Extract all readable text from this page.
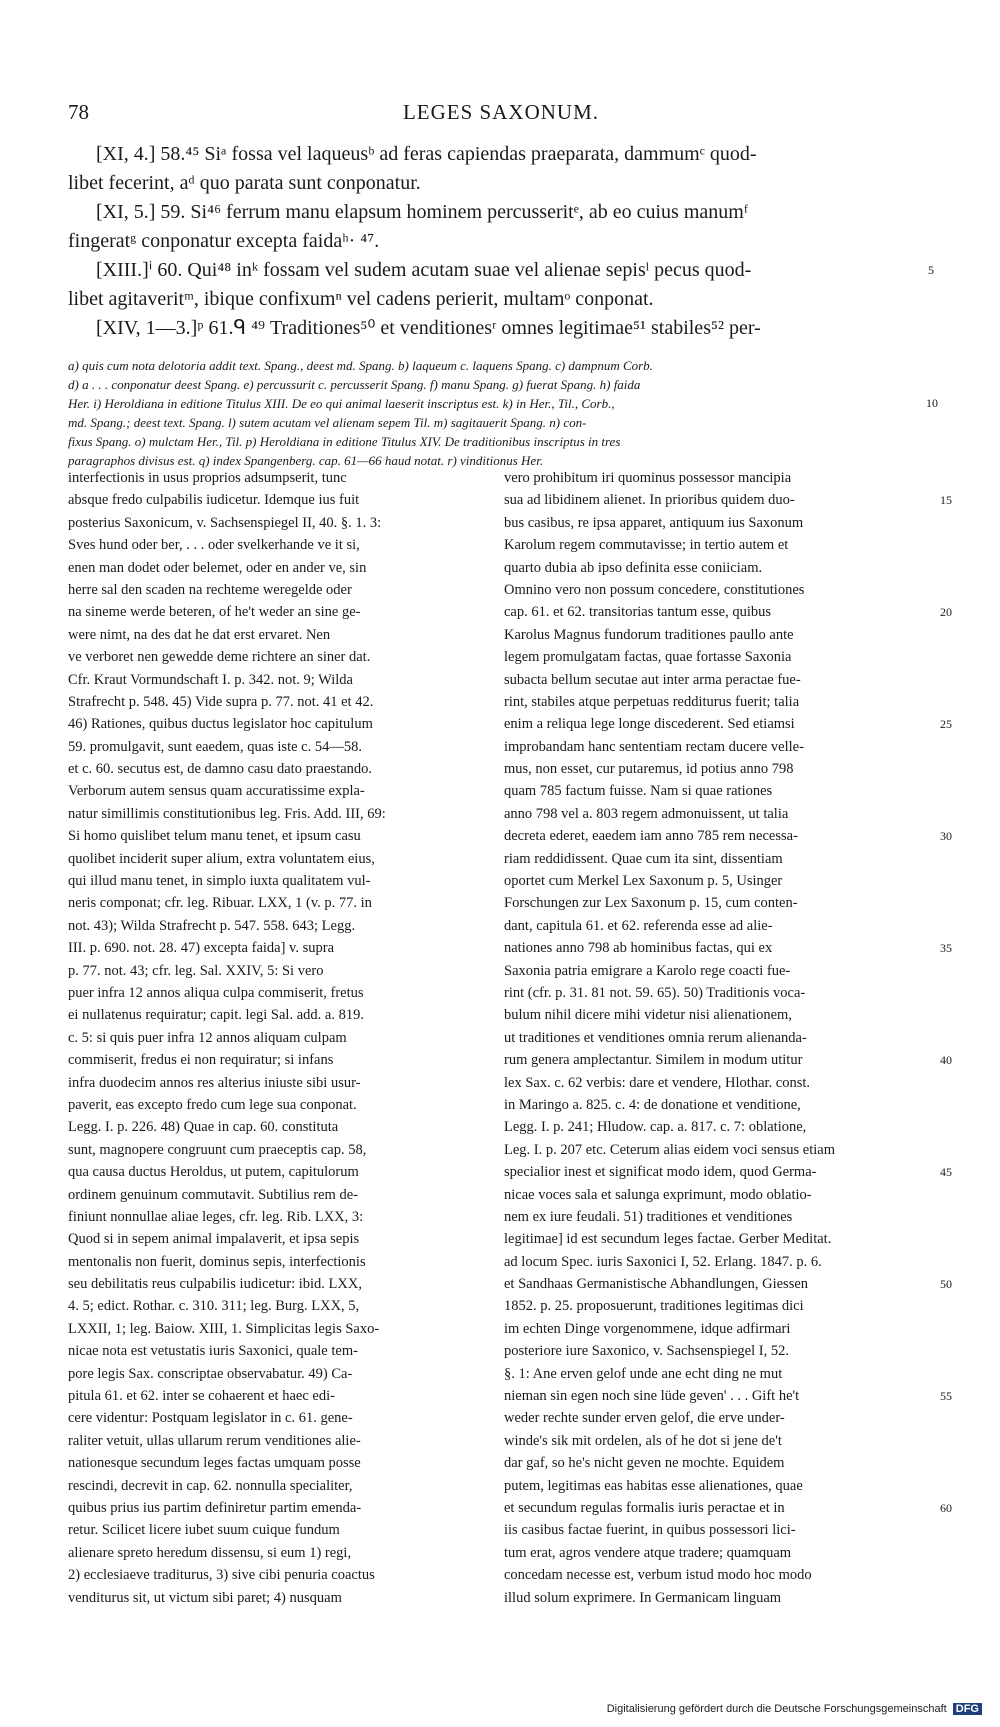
78	LEGES SAXONUM.
[XI, 4.] 58.⁴⁵ Siᵃ fossa vel laqueusᵇ ad feras capiendas praeparata, dammumᶜ quod-
libet fecerint, aᵈ quo parata sunt conponatur.
[XI, 5.] 59. Si⁴⁶ ferrum manu elapsum hominem percusseritᵉ, ab eo cuius manumᶠ
fingeratᵍ conponatur excepta faidaʰ· ⁴⁷.
[XIII.]ⁱ 60. Qui⁴⁸ inᵏ fossam vel sudem acutam suae vel alienae sepisˡ pecus quod-	5
libet agitaveritᵐ, ibique confixumⁿ vel cadens perierit, multamᵒ conponat.
[XIV, 1—3.]ᵖ 61.ᑫ ⁴⁹ Traditiones⁵⁰ et venditionesʳ omnes legitimae⁵¹ stabiles⁵² per-
a) quis cum nota delotoria addit text. Spang., deest md. Spang. b) laqueum c. laquens Spang. c) dampnum Corb.
d) a . . . conponatur deest Spang. e) percussurit c. percusserit Spang. f) manu Spang. g) fuerat Spang. h) faida
Her. i) Heroldiana in editione Titulus XIII. De eo qui animal laeserit inscriptus est. k) in Her., Til., Corb.,	10
md. Spang.; deest text. Spang. l) sutem acutam vel alienam sepem Til. m) sagitauerit Spang. n) con-
fixus Spang. o) mulctam Her., Til. p) Heroldiana in editione Titulus XIV. De traditionibus inscriptus in tres
paragraphos divisus est. q) index Spangenberg. cap. 61—66 haud notat. r) vinditionus Her.
interfectionis in usus proprios adsumpserit, tunc
absque fredo culpabilis iudicetur. Idemque ius fuit
posterius Saxonicum, v. Sachsenspiegel II, 40. §. 1. 3:
Sves hund oder ber, . . . oder svelkerhande ve it si,
enen man dodet oder belemet, oder en ander ve, sin
herre sal den scaden na rechteme weregelde oder
na sineme werde beteren, of he't weder an sine ge-
were nimt, na des dat he dat erst ervaret. Nen
ve verboret nen gewedde deme richtere an siner dat.
Cfr. Kraut Vormundschaft I. p. 342. not. 9; Wilda
Strafrecht p. 548. 45) Vide supra p. 77. not. 41 et 42.
46) Rationes, quibus ductus legislator hoc capitulum
59. promulgavit, sunt eaedem, quas iste c. 54—58.
et c. 60. secutus est, de damno casu dato praestando.
Verborum autem sensus quam accuratissime expla-
natur simillimis constitutionibus leg. Fris. Add. III, 69:
Si homo quislibet telum manu tenet, et ipsum casu
quolibet inciderit super alium, extra voluntatem eius,
qui illud manu tenet, in simplo iuxta qualitatem vul-
neris componat; cfr. leg. Ribuar. LXX, 1 (v. p. 77. in
not. 43); Wilda Strafrecht p. 547. 558. 643; Legg.
III. p. 690. not. 28. 47) excepta faida] v. supra
p. 77. not. 43; cfr. leg. Sal. XXIV, 5: Si vero
puer infra 12 annos aliqua culpa commiserit, fretus
ei nullatenus requiratur; capit. legi Sal. add. a. 819.
c. 5: si quis puer infra 12 annos aliquam culpam
commiserit, fredus ei non requiratur; si infans
infra duodecim annos res alterius iniuste sibi usur-
paverit, eas excepto fredo cum lege sua conponat.
Legg. I. p. 226. 48) Quae in cap. 60. constituta
sunt, magnopere congruunt cum praeceptis cap. 58,
qua causa ductus Heroldus, ut putem, capitulorum
ordinem genuinum commutavit. Subtilius rem de-
finiunt nonnullae aliae leges, cfr. leg. Rib. LXX, 3:
Quod si in sepem animal impalaverit, et ipsa sepis
mentonalis non fuerit, dominus sepis, interfectionis
seu debilitatis reus culpabilis iudicetur: ibid. LXX,
4. 5; edict. Rothar. c. 310. 311; leg. Burg. LXX, 5,
LXXII, 1; leg. Baiow. XIII, 1. Simplicitas legis Saxo-
nicae nota est vetustatis iuris Saxonici, quale tem-
pore legis Sax. conscriptae observabatur. 49) Ca-
pitula 61. et 62. inter se cohaerent et haec edi-
cere videntur: Postquam legislator in c. 61. gene-
raliter vetuit, ullas ullarum rerum venditiones alie-
nationesque secundum leges factas umquam posse
rescindi, decrevit in cap. 62. nonnulla specialiter,
quibus prius ius partim definiretur partim emenda-
retur. Scilicet licere iubet suum cuique fundum
alienare spreto heredum dissensu, si eum 1) regi,
2) ecclesiaeve traditurus, 3) sive cibi penuria coactus
venditurus sit, ut victum sibi paret; 4) nusquam
vero prohibitum iri quominus possessor mancipia
sua ad libidinem alienet. In prioribus quidem duo-	15
bus casibus, re ipsa apparet, antiquum ius Saxonum
Karolum regem commutavisse; in tertio autem et
quarto dubia ab ipso definita esse coniiciam.
Omnino vero non possum concedere, constitutiones
cap. 61. et 62. transitorias tantum esse, quibus	20
Karolus Magnus fundorum traditiones paullo ante
legem promulgatam factas, quae fortasse Saxonia
subacta bellum secutae aut inter arma peractae fue-
rint, stabiles atque perpetuas redditurus fuerit; talia
enim a reliqua lege longe discederent. Sed etiamsi	25
improbandam hanc sententiam rectam ducere velle-
mus, non esset, cur putaremus, id potius anno 798
quam 785 factum fuisse. Nam si quae rationes
anno 798 vel a. 803 regem admonuissent, ut talia
decreta ederet, eaedem iam anno 785 rem necessa-	30
riam reddidissent. Quae cum ita sint, dissentiam
oportet cum Merkel Lex Saxonum p. 5, Usinger
Forschungen zur Lex Saxonum p. 15, cum conten-
dant, capitula 61. et 62. referenda esse ad alie-
nationes anno 798 ab hominibus factas, qui ex	35
Saxonia patria emigrare a Karolo rege coacti fue-
rint (cfr. p. 31. 81 not. 59. 65). 50) Traditionis voca-
bulum nihil dicere mihi videtur nisi alienationem,
ut traditiones et venditiones omnia rerum alienanda-
rum genera amplectantur. Similem in modum utitur	40
lex Sax. c. 62 verbis: dare et vendere, Hlothar. const.
in Maringo a. 825. c. 4: de donatione et venditione,
Legg. I. p. 241; Hludow. cap. a. 817. c. 7: oblatione,
Leg. I. p. 207 etc. Ceterum alias eidem voci sensus etiam
specialior inest et significat modo idem, quod Germa-	45
nicae voces sala et salunga exprimunt, modo oblatio-
nem ex iure feudali. 51) traditiones et venditiones
legitimae] id est secundum leges factae. Gerber Meditat.
ad locum Spec. iuris Saxonici I, 52. Erlang. 1847. p. 6.
et Sandhaas Germanistische Abhandlungen, Giessen	50
1852. p. 25. proposuerunt, traditiones legitimas dici
im echten Dinge vorgenommene, idque adfirmari
posteriore iure Saxonico, v. Sachsenspiegel I, 52.
§. 1: Ane erven gelof unde ane echt ding ne mut
nieman sin egen noch sine lüde geven' . . . Gift he't	55
weder rechte sunder erven gelof, die erve under-
winde's sik mit ordelen, als of he dot si jene de't
dar gaf, so he's nicht geven ne mochte. Equidem
putem, legitimas eas habitas esse alienationes, quae
et secundum regulas formalis iuris peractae et in	60
iis casibus factae fuerint, in quibus possessori lici-
tum erat, agros vendere atque tradere; quamquam
concedam necesse est, verbum istud modo hoc modo
illud solum exprimere. In Germanicam linguam
Digitalisierung gefördert durch die Deutsche Forschungsgemeinschaft DFG
